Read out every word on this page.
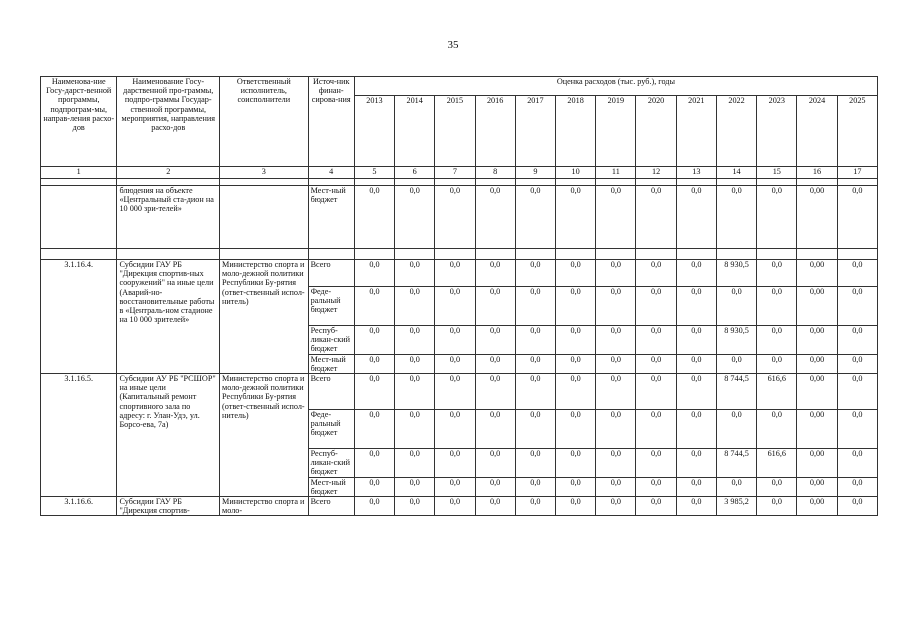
35
Наименова-ние Госу-дарст-венной программы, подпрограм-мы, направ-ления расхо-дов	Наименование Госу-дарственной про-граммы, подпро-граммы Государ-ственной программы, мероприятия, направления расхо-дов	Ответственный исполнитель, соисполнители	Источ-ник финан-сирова-ния	Оценка расходов (тыс. руб.), годы												
				2013	2014	2015	2016	2017	2018	2019	2020	2021	2022	2023	2024	2025
1	2	3	4	5	6	7	8	9	10	11	12	13	14	15	16	17

	блюдения на объекте «Центральный ста-дион на 10 000 зри-телей»		Мест-ный бюджет	0,0	0,0	0,0	0,0	0,0	0,0	0,0	0,0	0,0	0,0	0,0	0,00	0,0

3.1.16.4.	Субсидии ГАУ РБ "Дирекция спортив-ных сооружений" на иные цели (Аварий-но-восстановительные работы в «Централь-ном стадионе на 10 000 зрителей»	Министерство спорта и моло-дежной политики Республики Бу-рятия (ответ-ственный испол-нитель)	Всего	0,0	0,0	0,0	0,0	0,0	0,0	0,0	0,0	0,0	8 930,5	0,0	0,00	0,0
			Феде-ральный бюджет	0,0	0,0	0,0	0,0	0,0	0,0	0,0	0,0	0,0	0,0	0,0	0,00	0,0
			Респуб-ликан-ский бюджет	0,0	0,0	0,0	0,0	0,0	0,0	0,0	0,0	0,0	8 930,5	0,0	0,00	0,0
			Мест-ный бюджет	0,0	0,0	0,0	0,0	0,0	0,0	0,0	0,0	0,0	0,0	0,0	0,00	0,0
3.1.16.5.	Субсидии АУ РБ "РСШОР" на иные цели (Капитальный ремонт спортивного зала по адресу: г. Улан-Удэ, ул. Борсо-ева, 7а)	Министерство спорта и моло-дежной политики Республики Бу-рятия (ответ-ственный испол-нитель)	Всего	0,0	0,0	0,0	0,0	0,0	0,0	0,0	0,0	0,0	8 744,5	616,6	0,00	0,0
			Феде-ральный бюджет	0,0	0,0	0,0	0,0	0,0	0,0	0,0	0,0	0,0	0,0	0,0	0,00	0,0
			Респуб-ликан-ский бюджет	0,0	0,0	0,0	0,0	0,0	0,0	0,0	0,0	0,0	8 744,5	616,6	0,00	0,0
			Мест-ный бюджет	0,0	0,0	0,0	0,0	0,0	0,0	0,0	0,0	0,0	0,0	0,0	0,00	0,0
3.1.16.6.	Субсидии ГАУ РБ "Дирекция спортив-	Министерство спорта и моло-	Всего	0,0	0,0	0,0	0,0	0,0	0,0	0,0	0,0	0,0	3 985,2	0,0	0,00	0,0
